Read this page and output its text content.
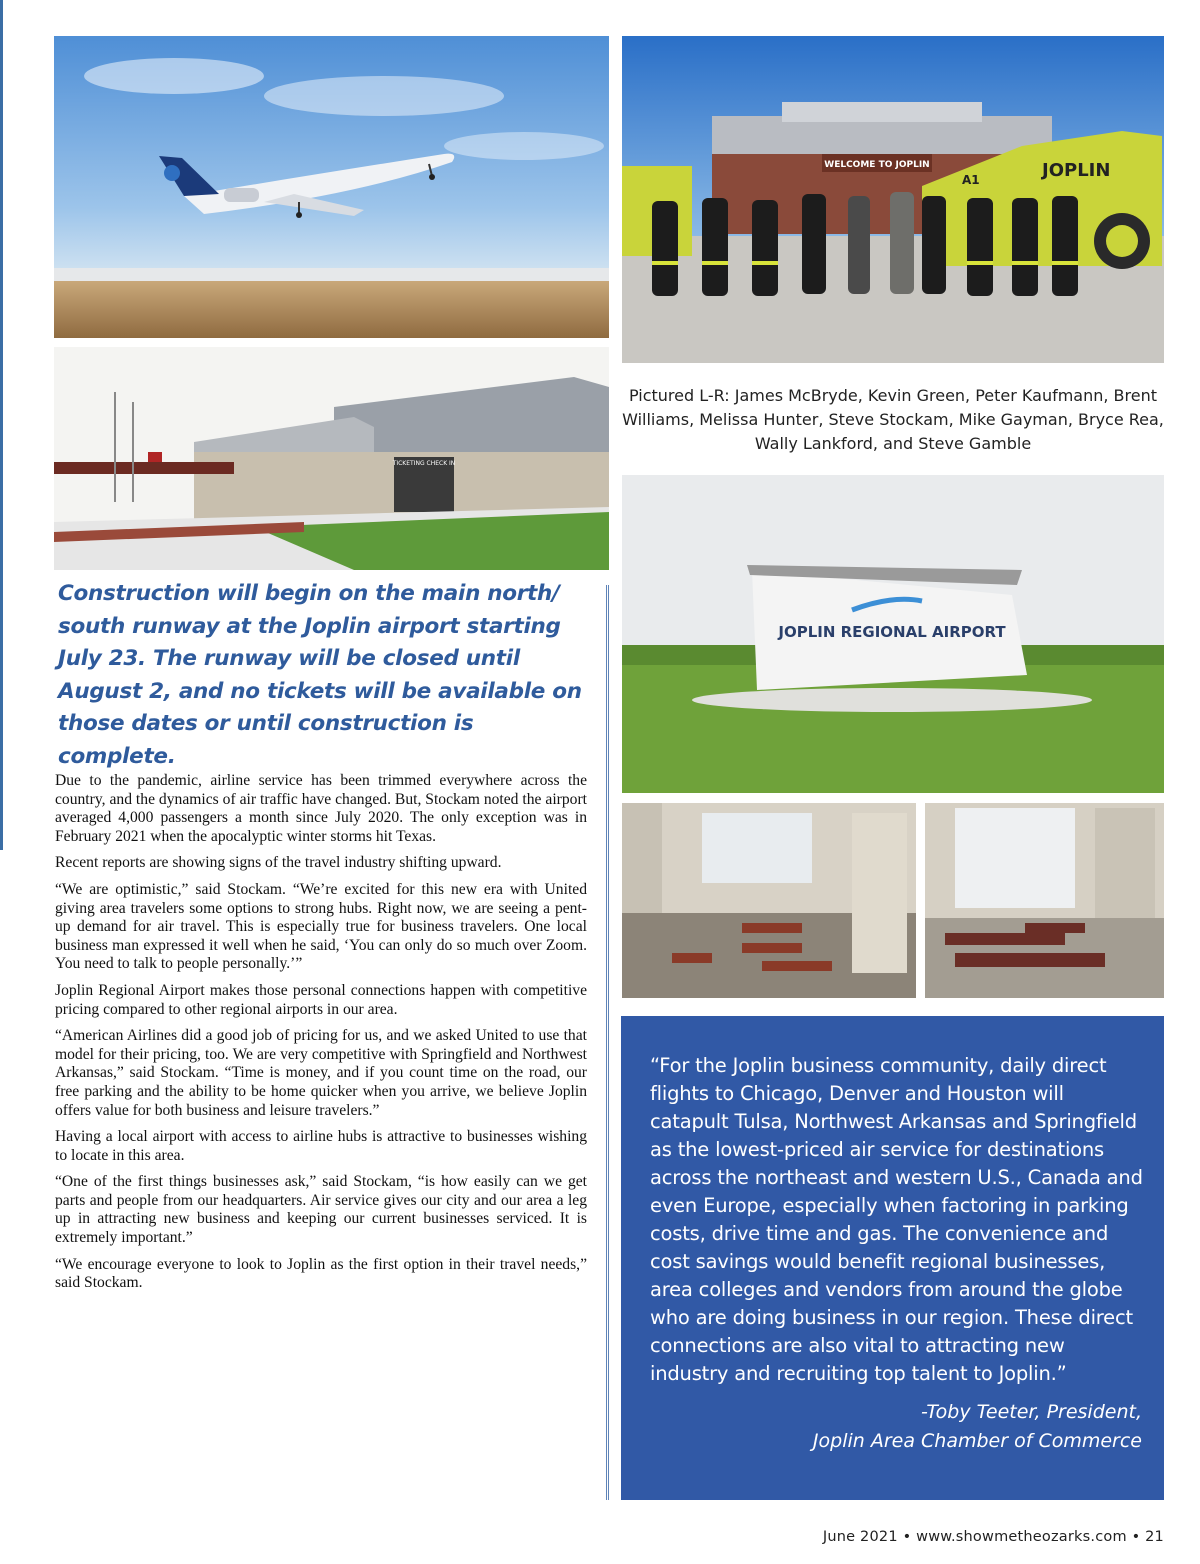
WELCOME TO JOPLIN	JOPLIN
A1
TICKETING CHECK IN
JOPLIN REGIONAL AIRPORT
Pictured L-R: James McBryde, Kevin Green, Peter Kaufmann, Brent Williams, Melissa Hunter, Steve Stockam, Mike Gayman, Bryce Rea, Wally Lankford, and Steve Gamble
Construction will begin on the main north/ south runway at the Joplin airport starting July 23. The runway will be closed until August 2, and no tickets will be available on those dates or until construction is complete.

Due to the pandemic, airline service has been trimmed everywhere across the country, and the dynamics of air traffic have changed. But, Stockam noted the airport averaged 4,000 passengers a month since July 2020. The only exception was in February 2021 when the apocalyptic winter storms hit Texas.

Recent reports are showing signs of the travel industry shifting upward.

“We are optimistic,” said Stockam. “We’re excited for this new era with United giving area travelers some options to strong hubs. Right now, we are seeing a pent-up demand for air travel. This is especially true for business travelers. One local business man expressed it well when he said, ‘You can only do so much over Zoom. You need to talk to people personally.’”

Joplin Regional Airport makes those personal connections happen with competitive pricing compared to other regional airports in our area.

“American Airlines did a good job of pricing for us, and we asked United to use that model for their pricing, too. We are very competitive with Springfield and Northwest Arkansas,” said Stockam. “Time is money, and if you count time on the road, our free parking and the ability to be home quicker when you arrive, we believe Joplin offers value for both business and leisure travelers.”

Having a local airport with access to airline hubs is attractive to businesses wishing to locate in this area.

“One of the first things businesses ask,” said Stockam, “is how easily can we get parts and people from our headquarters. Air service gives our city and our area a leg up in attracting new business and keeping our current businesses serviced. It is extremely important.”

“We encourage everyone to look to Joplin as the first option in their travel needs,” said Stockam.

“For the Joplin business community, daily direct flights to Chicago, Denver and Houston will catapult Tulsa, Northwest Arkansas and Springfield as the lowest-priced air service for destinations across the northeast and western U.S., Canada and even Europe, especially when factoring in parking costs, drive time and gas. The convenience and cost savings would benefit regional businesses, area colleges and vendors from around the globe who are doing business in our region. These direct connections are also vital to attracting new industry and recruiting top talent to Joplin.”
-Toby Teeter, President,
Joplin Area Chamber of Commerce
June 2021 • www.showmetheozarks.com • 21
